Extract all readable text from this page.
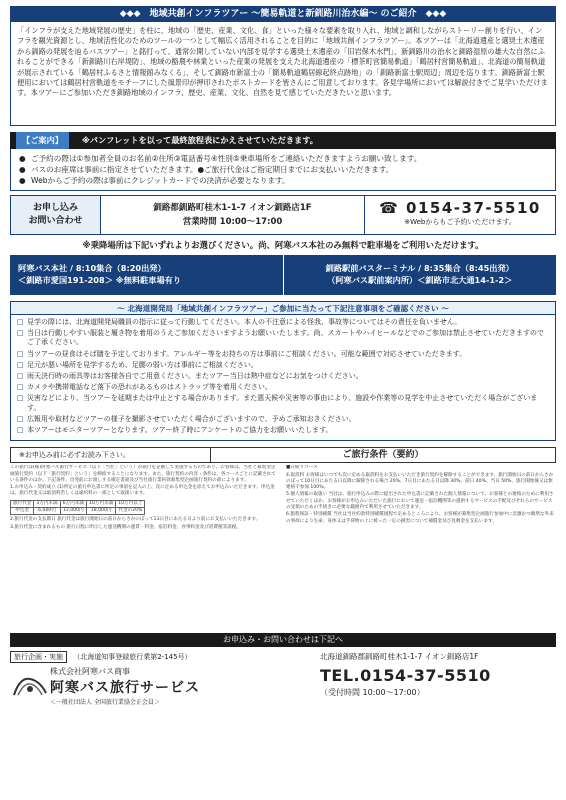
◆◆◆　地域共創インフラツアー 〜簡易軌道と新釧路川治水編〜 のご紹介　◆◆◆
「インフラが支えた地域発展の歴史」を柱に、地域の「歴史、産業、文化、食」といった様々な要素を取り入れ、地域と調和しながらストーリー創りを行い、インフラを観光資源とし、地域活性化のためのツールの一つとして幅広く活用されることを目的に「地域共創インフラツアー」。本ツアーは「北海道遺産と選奨土木遺産から釧路の発展を辿るバスツアー」と銘打って、通常公開していない内部を見学する選奨土木遺産の「旧岩保木水門」、新釧路川の治水と釧路湿原の雄大な自然にふれることができる「新釧路川右岸堤防」、地域の酪農や林業といった産業の発展を支えた北海道遺産の「標茶町営簡易軌道」「鶴居村営簡易軌道」、北海道の簡易軌道が展示されている「鶴居村ふるさと情報館みなくる」、そして釧路市新富士の「簡易軌道鶴居線起終点跡地」の「釧路新富士駅周辺」周辺を巡ります。釧路新富士駅便用においては鶴居村営軌道をモチーフにした風景印が押印されたポストカードを皆さんにご用意しております。各見学場所においては解説付きでご見学いただけます。本ツアーにご参加いただき釧路地域のインフラ、歴史、産業、文化、自然を見て感じていただきたいと思います。
【ご案内】 ※パンフレットを以って最終旅程表にかえさせていただきます。
● ご予約の際は①参加者全員のお名前②住所③電話番号④性別⑤乗車場所をご連絡いただきますようお願い致します。
● バスのお座席は事前に指定させていただきます。●ご旅行代金はご指定期日までにお支払いいただきます。
● Webからご予約の際は事前にクレジットカードでの決済が必要となります。
お申し込み
お問い合わせ
釧路都釧路町桂木1-1-7 イオン釧路店1F
営業時間 10:00〜17:00
☎ 0154-37-5510
※Webからもご予約いただけます。
※乗降場所は下記いずれよりお選びください。尚、阿寒バス本社のみ無料で駐車場をご利用いただけます。
阿寒バス本社 / 8:10集合（8:20出発）
＜釧路市愛国191-208＞ ※無料駐車場有り
釧路駅前バスターミナル / 8:35集合（8:45出発）
（阿寒バス駅前案内所）＜釧路市北大通14-1-2＞
〜 北海道開発局「地域共創インフラツアー」ご参加に当たって下記注意事項をご確認ください 〜
□ 見学の際には、北海道開発局職員の指示に従って行動してください。本人の不注意による怪我、事故等についてはその責任を負いません。
□ 当日は行動しやすい服装と履き物を着用のうえご参加くださいますようお願いいたします。尚、スカートやハイヒールなどでのご参加は禁止させていただきますのでご了承ください。
□ 当ツアーの昼食はそば膳を予定しております。アレルギー等をお持ちの方は事前にご相談ください。可能な範囲で対応させていただきます。
□ 足元が悪い場所を見学するため、足腰の弱い方は事前にご相談ください。
□ 雨天決行時の雨具等はお客様各自でご用意ください。またツアー当日は熱中症などにお気をつけください。
□ カメラや携帯電話など落下の恐れがあるものはストラップ等を着用ください。
□ 災害などにより、当ツアーを延期または中止とする場合があります。また悪天候や災害等の事由により、施設や作業等の見学を中止させていただく場合がございます。
□ 広報用や取材などツアーの様子を撮影させていただく場合がございますので、予めご承知おきください。
□ 本ツアーはモニターツアーとなります。ツアー終了時にアンケートのご協力をお願いいたします。
※お申込み前に必ずお読み下さい。	ご旅行条件（要約）

この旅行は(株)阿寒バス旅行サービス（以下「当社」という）が旅行を企画して実施するものであり、お客様は、当社と募集型企画旅行契約（以下「旅行契約」という）を締結することになります。また、旅行契約の内容・条件は、各コースごとに記載されている条件のほか、下記条件、出発前にお渡しする確定書面及び当社旅行業約款募集型企画旅行契約の部によります。

1.お申込み・契約成立 (1)所定の旅行申込書に所定の事項を記入の上、次に定める申込金を添えてお申込みいただきます。申込金は、旅行代金又は取消料若しくは違約料の一部として取扱います。

旅行代金	3万円未満	6万円未満	10万円未満	10万円以上
申込金	6,000円	12,000円	18,000円	代金の20%

2.旅行代金の支払期日 旅行代金は旅行開始日の前日からさかのぼって13日目にあたる日より前にお支払いいただきます。

3.旅行代金に含まれるもの 旅行日程に明示した運送機関の運賃・料金、宿泊料金、食事料金及び消費税等諸税。

■日帰りコース

4.取消料 お客様はいつでも次に定める取消料をお支払いいただき旅行契約を解除することができます。旅行開始日の前日からさかのぼって10日目にあたる日以降に解除される場合 20%、7日目にあたる日以降 30%、前日 40%、当日 50%、旅行開始後又は無連絡不参加 100%。

5.個人情報の取扱い 当社は、旅行申込みの際に提出された申込書に記載された個人情報について、お客様との連絡のために利用させていただくほか、お客様がお申込みいただいた旅行において運送・宿泊機関等の提供するサービスの手配及びそれらのサービスの受領のための手続きに必要な範囲内で利用させていただきます。

6.旅程保証・特別補償 当社は当社約款特別補償規程で定めるところにより、お客様が募集型企画旅行参加中に急激かつ偶然な外来の事故により生命、身体又は手荷物の上に被った一定の損害について補償金及び見舞金を支払います。

お申込み・お問い合わせは下記へ
旅行企画・実施 （北海道知事登録旅行業第2-145号）
株式会社阿寒バス商事
阿寒バス旅行サービス
＜一般社団法人 全国旅行業協会正会員＞
北海道釧路郡釧路町桂木1-1-7 イオン釧路店1F
TEL.0154-37-5510
（受付時間 10:00〜17:00）
